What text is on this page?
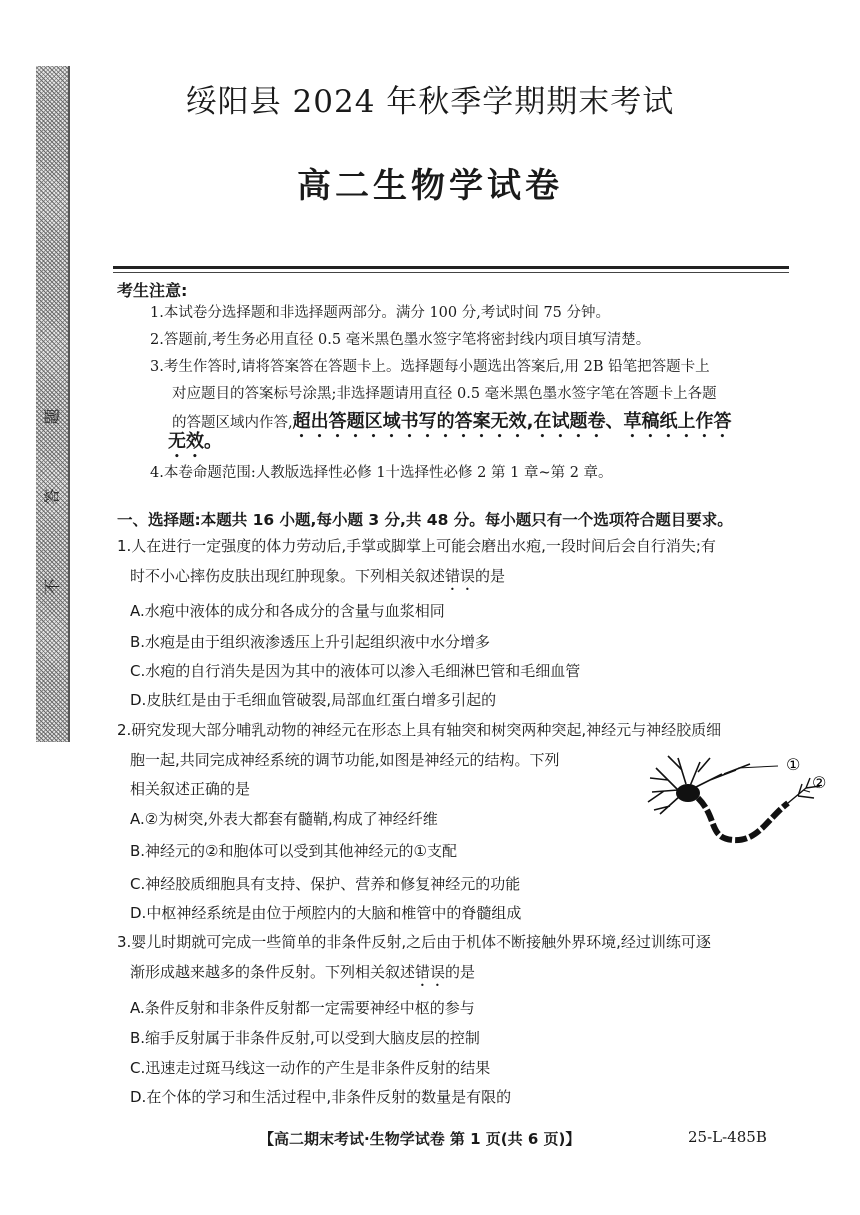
题
答
不
绥阳县 2024 年秋季学期期末考试
高二生物学试卷
考生注意:
1.本试卷分选择题和非选择题两部分。满分 100 分,考试时间 75 分钟。
2.答题前,考生务必用直径 0.5 毫米黑色墨水签字笔将密封线内项目填写清楚。
3.考生作答时,请将答案答在答题卡上。选择题每小题选出答案后,用 2B 铅笔把答题卡上
对应题目的答案标号涂黑;非选择题请用直径 0.5 毫米黑色墨水签字笔在答题卡上各题
的答题区域内作答,超出答题区域书写的答案无效,在试题卷、草稿纸上作答
无效。
4.本卷命题范围:人教版选择性必修 1十选择性必修 2 第 1 章~第 2 章。
一、选择题:本题共 16 小题,每小题 3 分,共 48 分。每小题只有一个选项符合题目要求。
1.人在进行一定强度的体力劳动后,手掌或脚掌上可能会磨出水疱,一段时间后会自行消失;有
时不小心摔伤皮肤出现红肿现象。下列相关叙述错误的是
A.水疱中液体的成分和各成分的含量与血浆相同
B.水疱是由于组织液渗透压上升引起组织液中水分增多
C.水疱的自行消失是因为其中的液体可以渗入毛细淋巴管和毛细血管
D.皮肤红是由于毛细血管破裂,局部血红蛋白增多引起的
2.研究发现大部分哺乳动物的神经元在形态上具有轴突和树突两种突起,神经元与神经胶质细
胞一起,共同完成神经系统的调节功能,如图是神经元的结构。下列
相关叙述正确的是
①
②
A.②为树突,外表大都套有髓鞘,构成了神经纤维
B.神经元的②和胞体可以受到其他神经元的①支配
C.神经胶质细胞具有支持、保护、营养和修复神经元的功能
D.中枢神经系统是由位于颅腔内的大脑和椎管中的脊髓组成
3.婴儿时期就可完成一些简单的非条件反射,之后由于机体不断接触外界环境,经过训练可逐
渐形成越来越多的条件反射。下列相关叙述错误的是
A.条件反射和非条件反射都一定需要神经中枢的参与
B.缩手反射属于非条件反射,可以受到大脑皮层的控制
C.迅速走过斑马线这一动作的产生是非条件反射的结果
D.在个体的学习和生活过程中,非条件反射的数量是有限的
【高二期末考试·生物学试卷 第 1 页(共 6 页)】	25-L-485B
